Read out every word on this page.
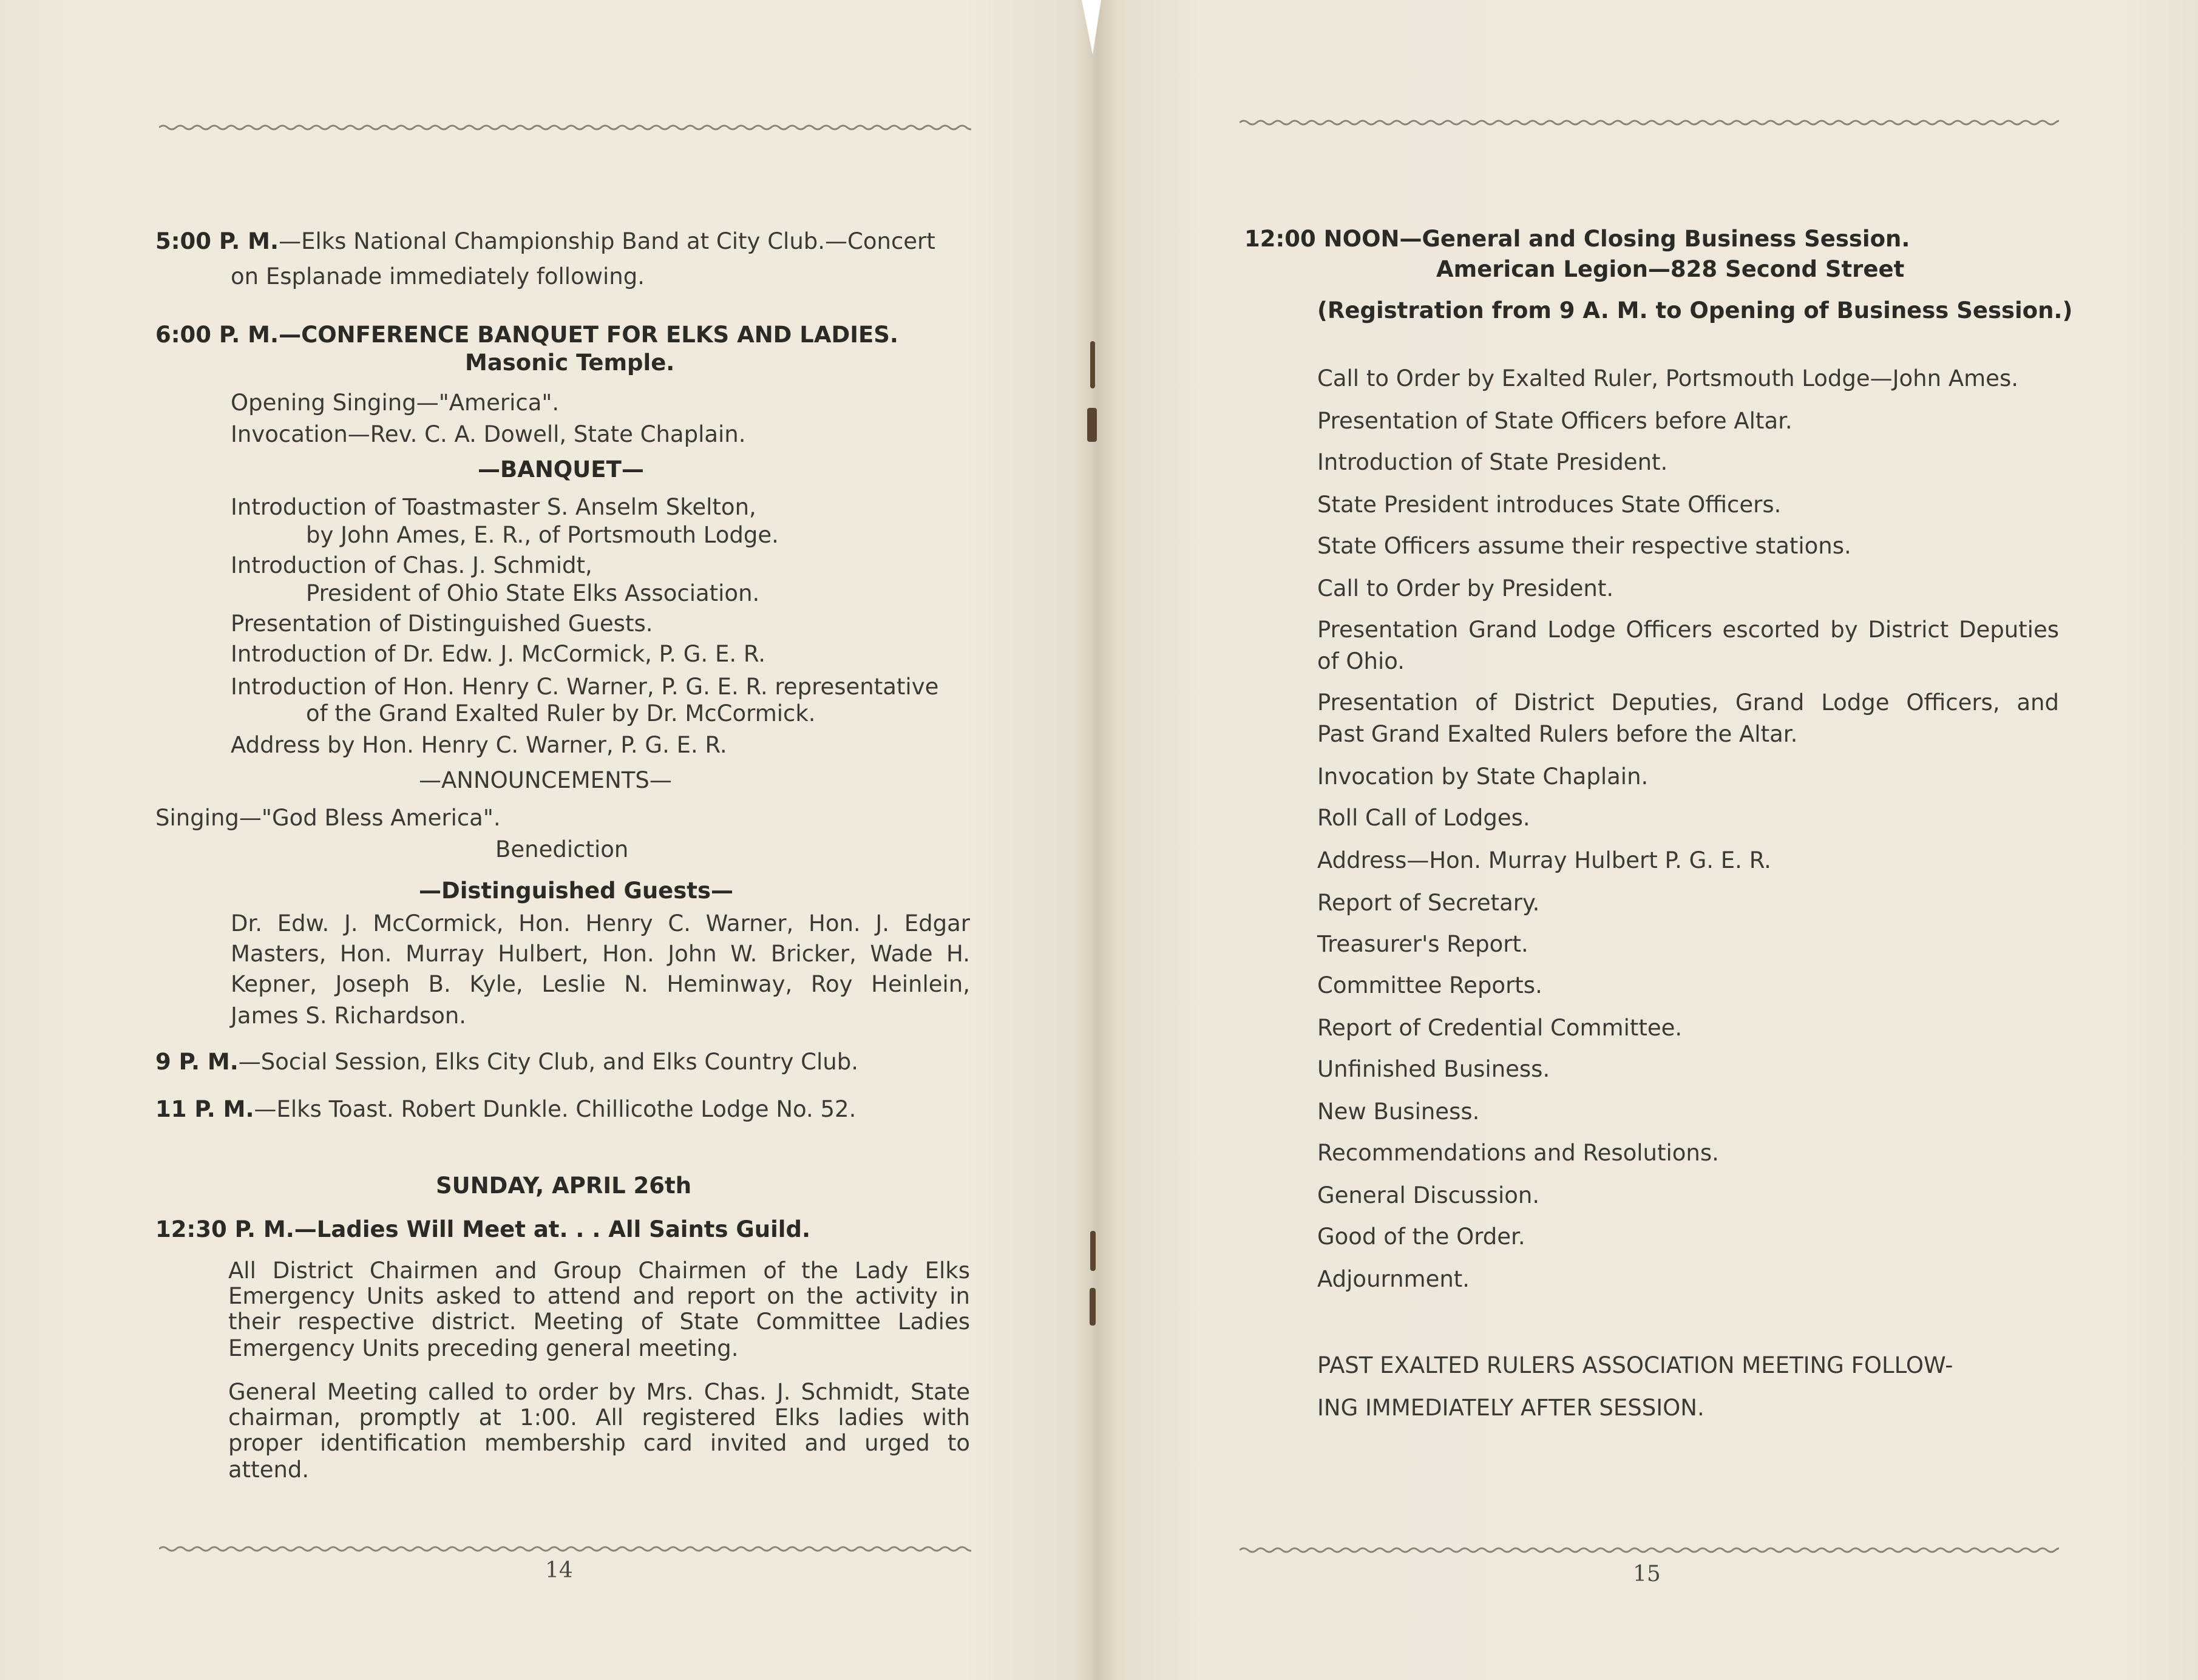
5:00 P. M.—Elks National Championship Band at City Club.—Concert
on Esplanade immediately following.
6:00 P. M.—CONFERENCE BANQUET FOR ELKS AND LADIES.
Masonic Temple.
Opening Singing—"America".
Invocation—Rev. C. A. Dowell, State Chaplain.
—BANQUET—
Introduction of Toastmaster S. Anselm Skelton,
by John Ames, E. R., of Portsmouth Lodge.
Introduction of Chas. J. Schmidt,
President of Ohio State Elks Association.
Presentation of Distinguished Guests.
Introduction of Dr. Edw. J. McCormick, P. G. E. R.
Introduction of Hon. Henry C. Warner, P. G. E. R. representative
of the Grand Exalted Ruler by Dr. McCormick.
Address by Hon. Henry C. Warner, P. G. E. R.
—ANNOUNCEMENTS—
Singing—"God Bless America".
Benediction
—Distinguished Guests—
Dr. Edw. J. McCormick, Hon. Henry C. Warner, Hon. J. Edgar
Masters, Hon. Murray Hulbert, Hon. John W. Bricker, Wade H.
Kepner, Joseph B. Kyle, Leslie N. Heminway, Roy Heinlein,
James S. Richardson.
9 P. M.—Social Session, Elks City Club, and Elks Country Club.
11 P. M.—Elks Toast. Robert Dunkle. Chillicothe Lodge No. 52.
SUNDAY, APRIL 26th
12:30 P. M.—Ladies Will Meet at. . . All Saints Guild.
All District Chairmen and Group Chairmen of the Lady Elks
Emergency Units asked to attend and report on the activity in
their respective district. Meeting of State Committee Ladies
Emergency Units preceding general meeting.
General Meeting called to order by Mrs. Chas. J. Schmidt, State
chairman, promptly at 1:00. All registered Elks ladies with
proper identification membership card invited and urged to
attend.
14
12:00 NOON—General and Closing Business Session.
American Legion—828 Second Street
(Registration from 9 A. M. to Opening of Business Session.)
Call to Order by Exalted Ruler, Portsmouth Lodge—John Ames.
Presentation of State Officers before Altar.
Introduction of State President.
State President introduces State Officers.
State Officers assume their respective stations.
Call to Order by President.
Presentation Grand Lodge Officers escorted by District Deputies
of Ohio.
Presentation of District Deputies, Grand Lodge Officers, and
Past Grand Exalted Rulers before the Altar.
Invocation by State Chaplain.
Roll Call of Lodges.
Address—Hon. Murray Hulbert P. G. E. R.
Report of Secretary.
Treasurer's Report.
Committee Reports.
Report of Credential Committee.
Unfinished Business.
New Business.
Recommendations and Resolutions.
General Discussion.
Good of the Order.
Adjournment.
PAST EXALTED RULERS ASSOCIATION MEETING FOLLOW-
ING IMMEDIATELY AFTER SESSION.
15
